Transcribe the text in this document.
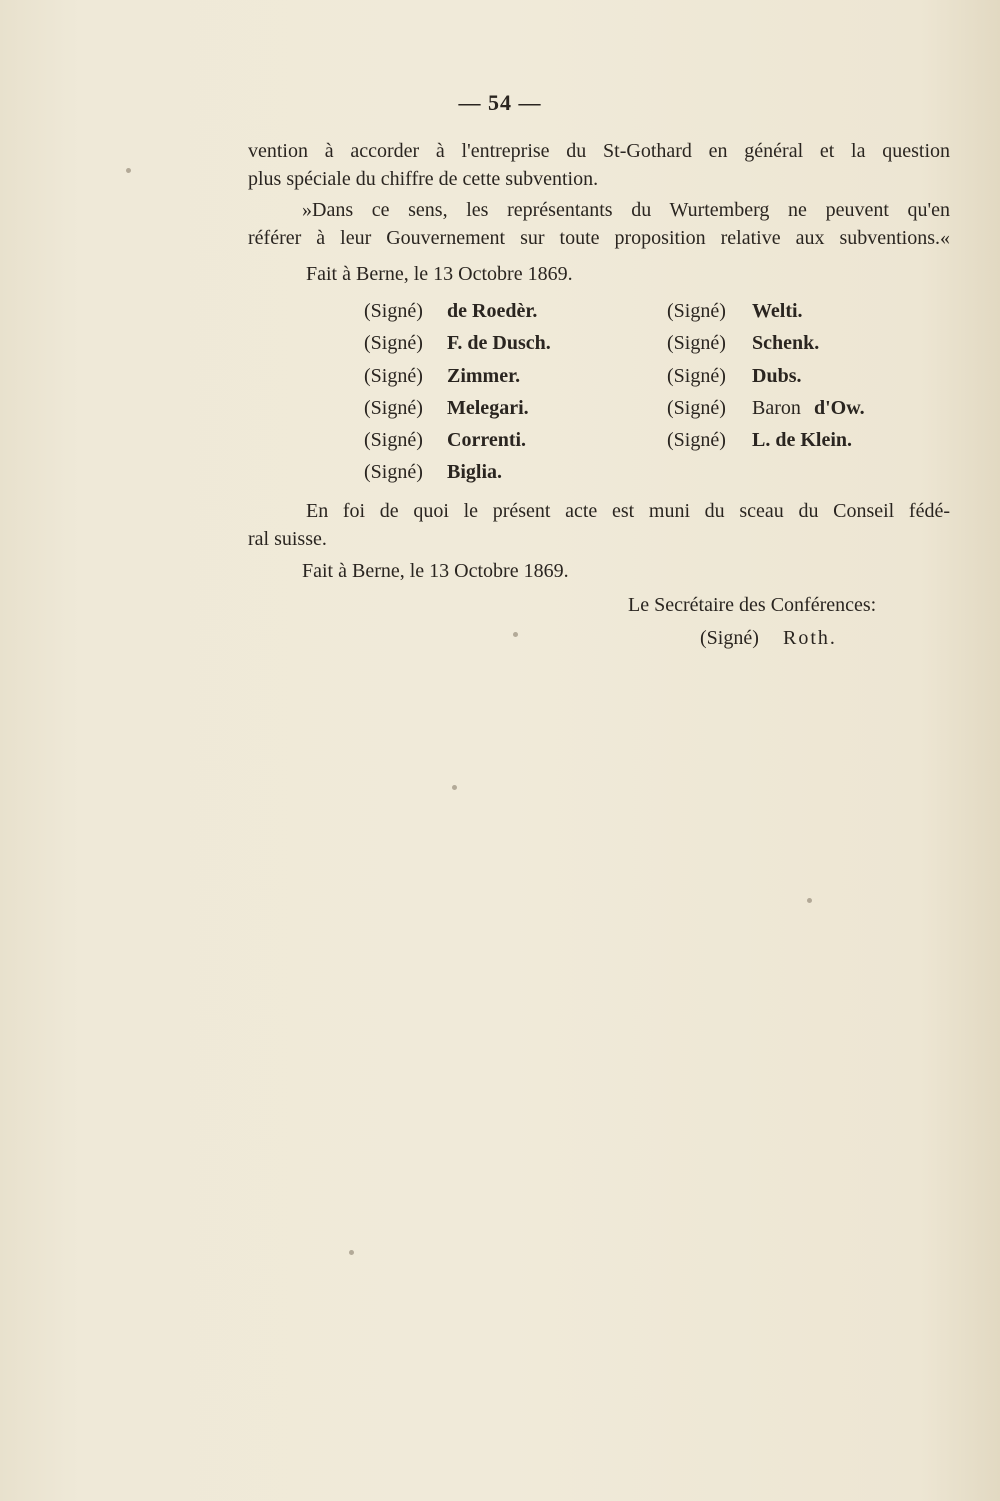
— 54 —
vention à accorder à l'entreprise du St-Gothard en général et la question
plus spéciale du chiffre de cette subvention.
»Dans ce sens, les représentants du Wurtemberg ne peuvent qu'en
référer à leur Gouvernement sur toute proposition relative aux subventions.«
Fait à Berne, le 13 Octobre 1869.
(Signé) de Roedèr.
(Signé) F. de Dusch.
(Signé) Zimmer.
(Signé) Melegari.
(Signé) Correnti.
(Signé) Biglia.
(Signé) Welti.
(Signé) Schenk.
(Signé) Dubs.
(Signé) Baron d'Ow.
(Signé) L. de Klein.
En foi de quoi le présent acte est muni du sceau du Conseil fédé-
ral suisse.
Fait à Berne, le 13 Octobre 1869.
Le Secrétaire des Conférences:
(Signé) Roth.
